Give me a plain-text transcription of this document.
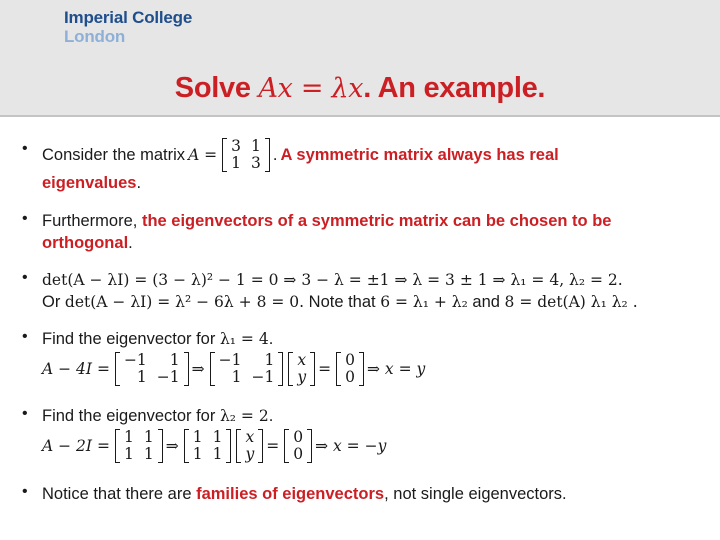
Imperial College
London
Solve Ax = λx. An example.
• Consider the matrix A = 3 1
1 3 . A symmetric matrix always has real
eigenvalues.
• Furthermore, the eigenvectors of a symmetric matrix can be chosen to be
orthogonal.
• det(A − λI) = (3 − λ)² − 1 = 0 ⇒ 3 − λ = ±1 ⇒ λ = 3 ± 1 ⇒ λ₁ = 4, λ₂ = 2.
Or det(A − λI) = λ² − 6λ + 8 = 0. Note that 6 = λ₁ + λ₂ and 8 = det(A) λ₁ λ₂ .
• Find the eigenvector for λ₁ = 4.
A − 4I = −1	1
1 −1 ⇒ −1	1
1 −1
x
y = 0
0 ⇒ x = y
• Find the eigenvector for λ₂ = 2.
A − 2I = 1 1
1 1 ⇒ 1 1
1 1
x
y = 0
0 ⇒ x = −y
• Notice that there are families of eigenvectors, not single eigenvectors.
